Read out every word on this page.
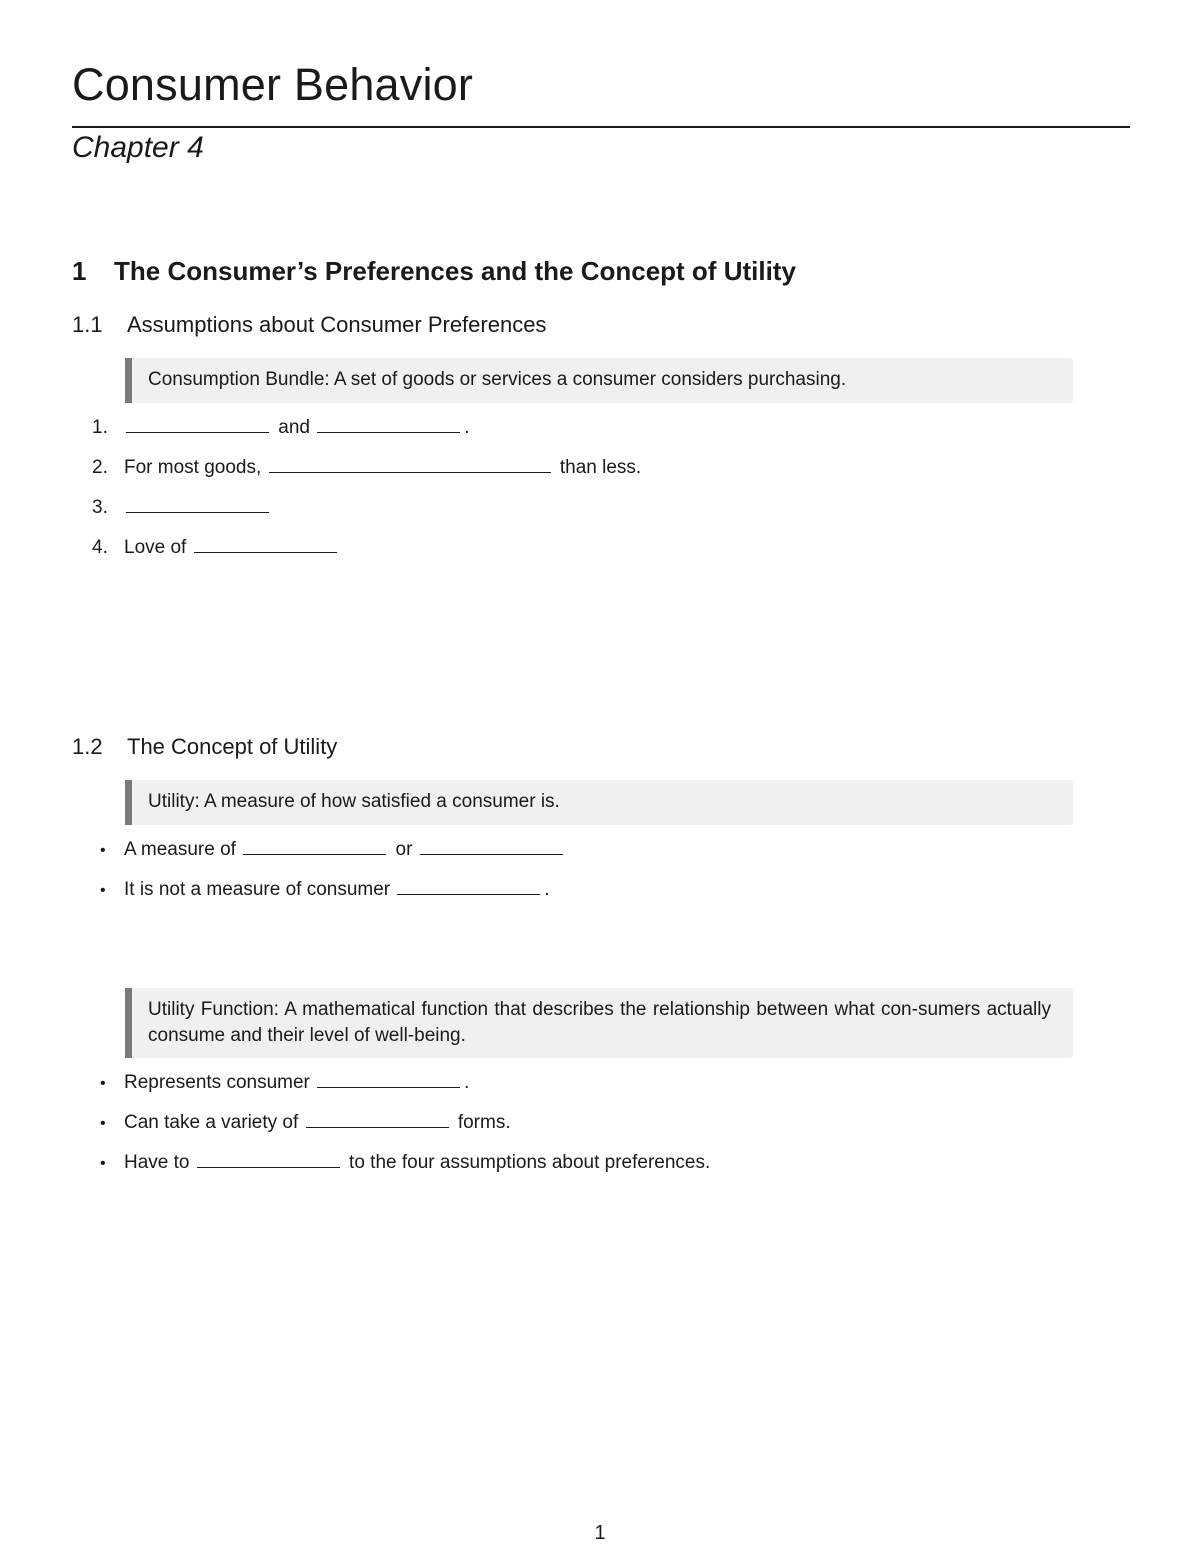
Consumer Behavior
Chapter 4
1 The Consumer’s Preferences and the Concept of Utility
1.1 Assumptions about Consumer Preferences
Consumption Bundle: A set of goods or services a consumer considers purchasing.
1.	and	.
2. For most goods,	than less.
3.
4. Love of
1.2 The Concept of Utility
Utility: A measure of how satisfied a consumer is.
• A measure of	or
• It is not a measure of consumer	.
Utility Function: A mathematical function that describes the relationship between what con-sumers actually consume and their level of well-being.
• Represents consumer	.
• Can take a variety of	forms.
• Have to	to the four assumptions about preferences.
1
